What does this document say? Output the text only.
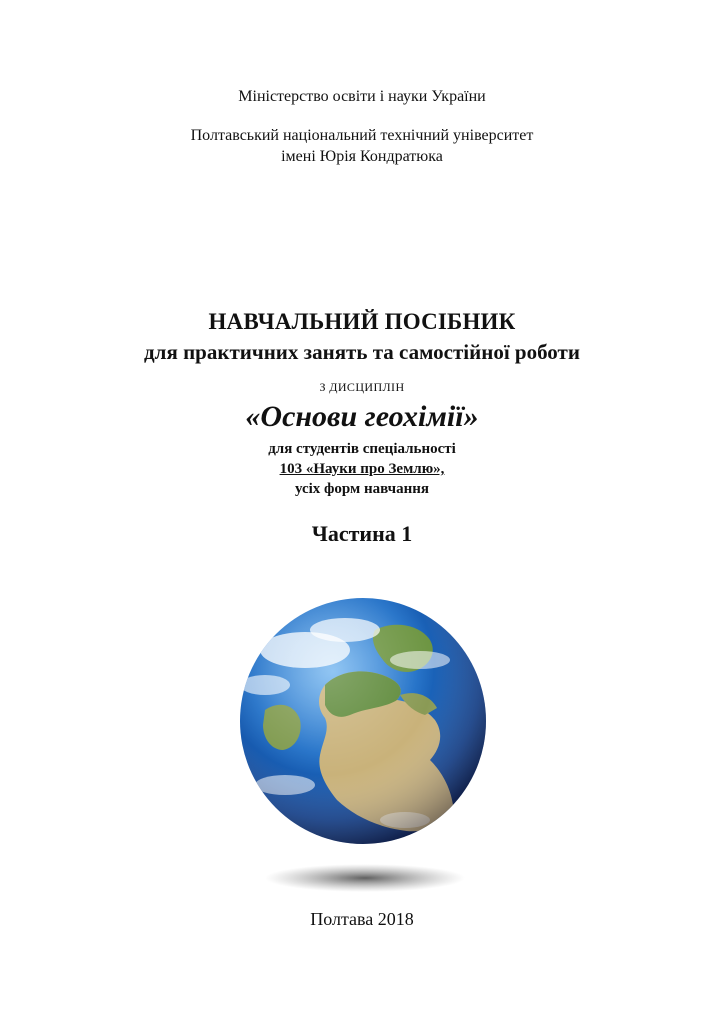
Міністерство освіти і науки України
Полтавський національний технічний університет
імені Юрія Кондратюка
НАВЧАЛЬНИЙ ПОСІБНИК
для практичних занять та самостійної роботи
З ДИСЦИПЛІН
«Основи геохімії»
для студентів спеціальності
103 «Науки про Землю»,
усіх форм навчання
Частина 1
Полтава 2018
